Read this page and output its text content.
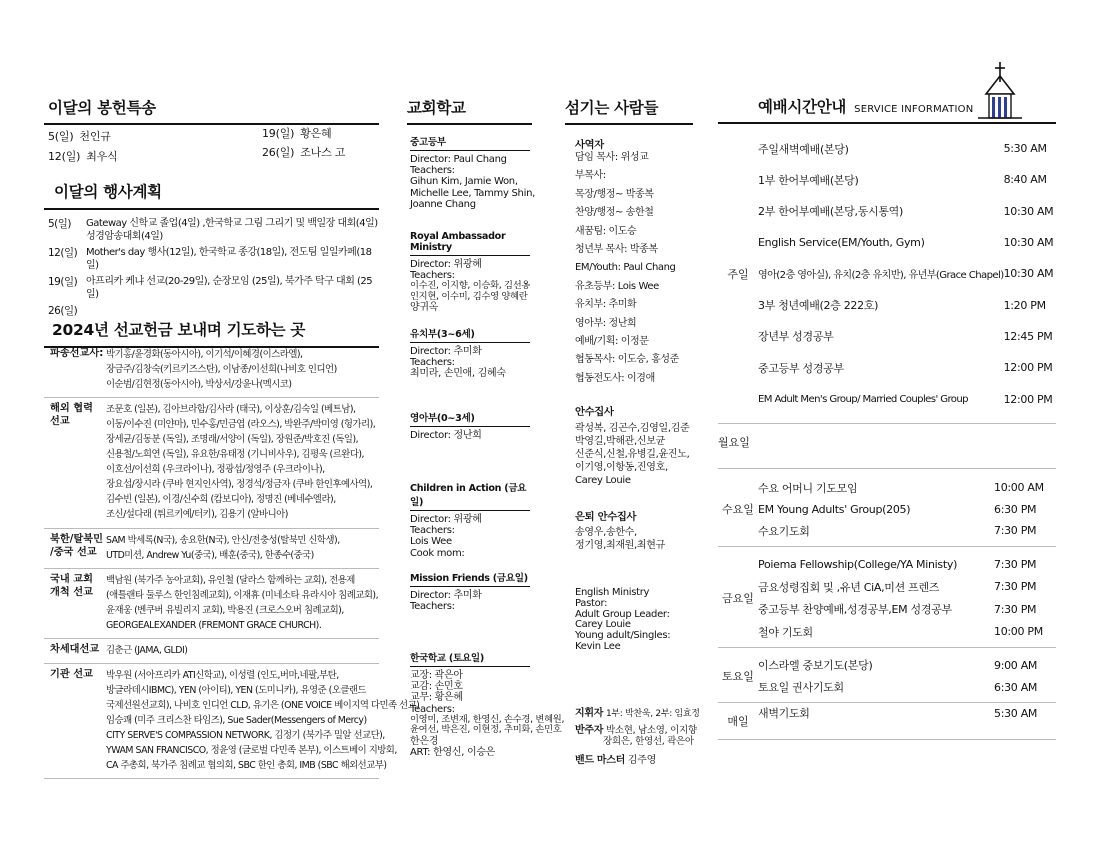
이달의 봉헌특송
5(일) 천인규	19(일) 황은혜
12(일) 최우식	26(일) 조나스 고
이달의 행사계획
5(일)	Gateway 신학교 졸업(4일) ,한국학교 그림 그리기 및 백일장 대회(4일)
성경암송대회(4일)
12(일) Mother's day 행사(12일), 한국학교 종강(18일), 전도팀 일일카페(18일)
19(일) 아프리카 케냐 선교(20-29일), 순장모임 (25일), 북가주 탁구 대회 (25일)
26(일)
2024년 선교헌금 보내며 기도하는 곳
파송선교사: 박기홍/윤경화(동아시아), 이기석/이혜경(이스라엘),
장금주/김창숙(키르키즈스탄), 이남종/이선희(나비호 인디언)
이순범/김현정(동아시아), 박상서/강윤나(멕시코)
해외 협력
선교
조문호 (일본), 김아브라함/김사라 (태국), 이상훈/김숙일 (베트남),
이동/이수진 (미얀마), 민수홍/민금엽 (라오스), 박완주/박미영 (헝가리),
장세균/김동분 (독일), 조명래/서양이 (독일), 장원준/박호진 (독일),
신용철/노희연 (독일), 유요한/유태정 (기니비사우), 김평욱 (르완다),
이호선/이선희 (우크라이나), 정광섭/정영주 (우크라이나),
장요섭/장시라 (쿠바 현지인사역), 정경석/정금자 (쿠바 한인후예사역),
김수빈 (일본), 이경/신수희 (캄보디아), 정명진 (베네수엘라),
조신/설다래 (튀르키예/터키), 김용기 (알바니아)
북한/탈북민
/중국 선교
SAM 박세록(N국), 송요한(N국), 안신/전충성(탈북민 신학생),
UTD미션, Andrew Yu(중국), 배훈(중국), 한종수(중국)
국내 교회
개척 선교
백남원 (북가주 농아교회), 유인철 (달라스 함께하는 교회), 전용제
(애틀랜타 둘루스 한인침례교회), 이재휴 (미네소타 유라시아 침례교회),
윤재웅 (벤쿠버 유빌리지 교회), 박용진 (크로스오버 침례교회),
GEORGEALEXANDER (FREMONT GRACE CHURCH).
차세대선교 김춘근 (JAMA, GLDI)
기관 선교	박우원 (서아프리카 ATI신학교), 이성렬 (인도,버마,네팔,부탄,
방글라데시IBMC), YEN (아이티), YEN (도미니카), 유영준 (오클랜드
국제선원선교회), 나비호 인디언 CLD, 유기은 (ONE VOICE 베이지역 다민족 선교)
임승쾌 (미주 크리스찬 타임즈), Sue Sader(Messengers of Mercy)
CITY SERVE'S COMPASSION NETWORK, 김정기 (북가주 밀알 선교단),
YWAM SAN FRANCISCO, 정윤영 (글로벌 다민족 본부), 이스트베이 지방회,
CA 주총회, 북가주 침례교 협의회, SBC 한인 총회, IMB (SBC 해외선교부)
교회학교
중고등부
Director: Paul Chang
Teachers:
Gihun Kim, Jamie Won,
Michelle Lee, Tammy Shin,
Joanne Chang
Royal Ambassador Ministry
Director: 위광혜
Teachers:
이수진, 이지향, 이승화, 김선옹
인지현, 이수미, 김수영 양혜란
양귀옥
유치부(3~6세)
Director: 추미화
Teachers:
최미라, 손민애, 김혜숙
영아부(0~3세)
Director: 정난희
Children in Action (금요일)
Director: 위광혜
Teachers:
Lois Wee
Cook mom:
Mission Friends (금요일)
Director: 추미화
Teachers:
한국학교 (토요일)
교장: 곽은아
교감: 손민호
교무: 황은혜
Teachers:
이영미, 조변재, 한영신, 손수경, 변혜원,
윤여선, 박은진, 이현정, 추미화, 손민호
한은경
ART: 한영신, 이승은
섬기는 사람들
사역자
담임 목사: 위성교
부목사:
목장/행정~ 박종복
찬양/행정~ 송한철
새꿈팀: 이도승
청년부 목사: 박종복
EM/Youth: Paul Chang
유초등부: Lois Wee
유치부: 추미화
영아부: 정난희
예배/기획: 이정문
협동목사: 이도승, 홍성준
협동전도사: 이경애
안수집사
곽성복, 김곤수,김영일,김준
박영길,박해관,신보균
신준식,신철,유병길,윤진노,
이기영,이항동,진영호,
Carey Louie
은퇴 안수집사
송영우,송한수,
정기영,최재원,최현규
English Ministry
Pastor:
Adult Group Leader:
Carey Louie
Young adult/Singles:
Kevin Lee
지휘자 1부: 박찬욱, 2부: 임효정
반주자 박소현, 남소영, 이지향
장희은, 한영선, 곽은아
밴드 마스터 김주영
예배시간안내 SERVICE INFORMATION
주일
주일새벽예배(본당)	5:30 AM
1부 한어부예배(본당)	8:40 AM
2부 한어부예배(본당,동시통역)	10:30 AM
English Service(EM/Youth, Gym)	10:30 AM
영아(2층 영아실), 유치(2층 유치반), 유년부(Grace Chapel) 10:30 AM
3부 청년예배(2층 222호)	1:20 PM
장년부 성경공부	12:45 PM
중고등부 성경공부	12:00 PM
EM Adult Men's Group/ Married Couples' Group	12:00 PM
월요일
수요일
수요 어머니 기도모임	10:00 AM
EM Young Adults' Group(205)	6:30 PM
수요기도회	7:30 PM
금요일
Poiema Fellowship(College/YA Ministy)	7:30 PM
금요성령집회 및 ,유년 CiA,미션 프렌즈	7:30 PM
중고등부 찬양예배,성경공부,EM 성경공부	7:30 PM
철야 기도회	10:00 PM
토요일
이스라엘 중보기도(본당)	9:00 AM
토요일 권사기도회	6:30 AM
매일
새벽기도회	5:30 AM
